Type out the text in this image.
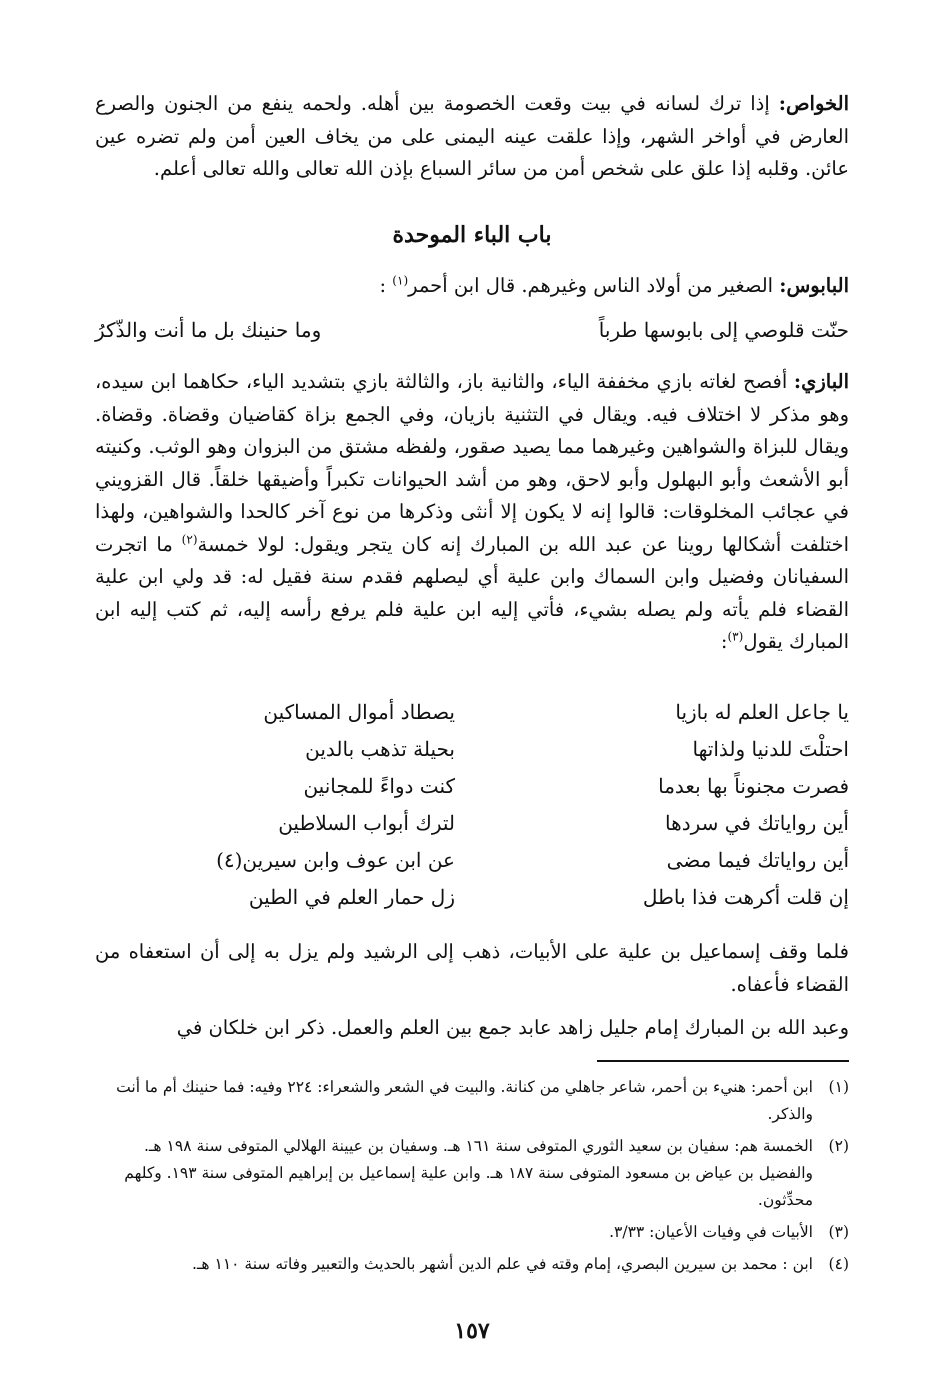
الخواص: إذا ترك لسانه في بيت وقعت الخصومة بين أهله. ولحمه ينفع من الجنون والصرع العارض في أواخر الشهر، وإذا علقت عينه اليمنى على من يخاف العين أمن ولم تضره عين عائن. وقلبه إذا علق على شخص أمن من سائر السباع بإذن الله تعالى والله تعالى أعلم.

باب الباء الموحدة

البابوس: الصغير من أولاد الناس وغيرهم. قال ابن أحمر$^{(١)}$ :

حنّت قلوصي إلى بابوسها طرباً
وما حنينك بل ما أنت والذّكرُ

البازي: أفصح لغاته بازي مخففة الياء، والثانية باز، والثالثة بازي بتشديد الياء، حكاهما ابن سيده، وهو مذكر لا اختلاف فيه. ويقال في التثنية بازيان، وفي الجمع بزاة كقاضيان وقضاة. وقضاة. ويقال للبزاة والشواهين وغيرهما مما يصيد صقور، ولفظه مشتق من البزوان وهو الوثب. وكنيته أبو الأشعث وأبو البهلول وأبو لاحق، وهو من أشد الحيوانات تكبراً وأضيقها خلقاً. قال القزويني في عجائب المخلوقات: قالوا إنه لا يكون إلا أنثى وذكرها من نوع آخر كالحدا والشواهين، ولهذا اختلفت أشكالها روينا عن عبد الله بن المبارك إنه كان يتجر ويقول: لولا خمسة$^{(٢)}$ ما اتجرت السفيانان وفضيل وابن السماك وابن علية أي ليصلهم فقدم سنة فقيل له: قد ولي ابن علية القضاء فلم يأته ولم يصله بشيء، فأتي إليه ابن علية فلم يرفع رأسه إليه، ثم كتب إليه ابن المبارك يقول$^{(٣)}$:

يا جاعل العلم له بازيا
يصطاد أموال المساكين
احتلْتَ للدنيا ولذاتها
بحيلة تذهب بالدين
فصرت مجنوناً بها بعدما
كنت دواءً للمجانين
أين رواياتك في سردها
لترك أبواب السلاطين
أين رواياتك فيما مضى
عن ابن عوف وابن سيرين(٤)
إن قلت أكرهت فذا باطل
زل حمار العلم في الطين

فلما وقف إسماعيل بن علية على الأبيات، ذهب إلى الرشيد ولم يزل به إلى أن استعفاه من القضاء فأعفاه.

وعبد الله بن المبارك إمام جليل زاهد عابد جمع بين العلم والعمل. ذكر ابن خلكان في

(١)
ابن أحمر: هنيء بن أحمر، شاعر جاهلي من كنانة. والبيت في الشعر والشعراء: ٢٢٤ وفيه: فما حنينك أم ما أنت والذكر.
(٢)
الخمسة هم: سفيان بن سعيد الثوري المتوفى سنة ١٦١ هـ. وسفيان بن عيينة الهلالي المتوفى سنة ١٩٨ هـ. والفضيل بن عياض بن مسعود المتوفى سنة ١٨٧ هـ. وابن علية إسماعيل بن إبراهيم المتوفى سنة ١٩٣. وكلهم محدِّثون.
(٣)
الأبيات في وفيات الأعيان: ٣/٣٣.
(٤)
ابن : محمد بن سيرين البصري، إمام وقته في علم الدين أشهر بالحديث والتعبير وفاته سنة ١١٠ هـ.
١٥٧
